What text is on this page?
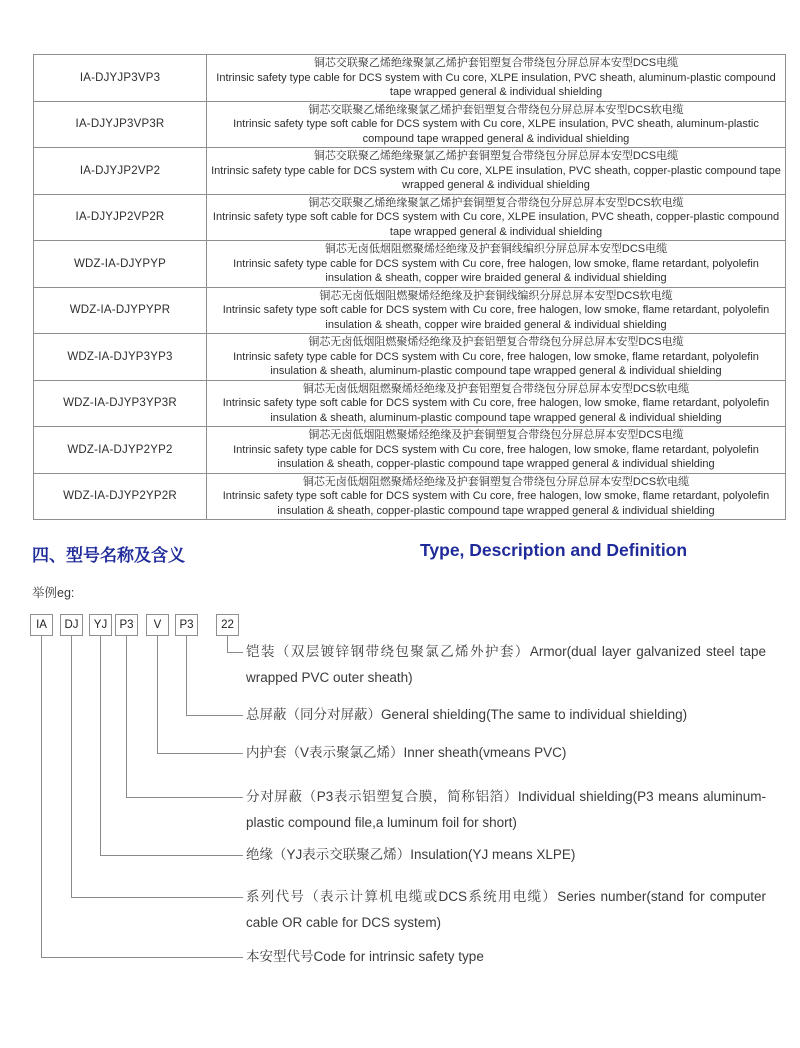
IA-DJYJP3VP3	铜芯交联聚乙烯绝缘聚氯乙烯护套铝塑复合带绕包分屏总屏本安型DCS电缆
Intrinsic safety type cable for DCS system with Cu core, XLPE insulation, PVC sheath, aluminum-plastic compound tape wrapped general & individual shielding

IA-DJYJP3VP3R	铜芯交联聚乙烯绝缘聚氯乙烯护套铝塑复合带绕包分屏总屏本安型DCS软电缆
Intrinsic safety type soft cable for DCS system with Cu core, XLPE insulation, PVC sheath, aluminum-plastic compound tape wrapped general & individual shielding

IA-DJYJP2VP2	铜芯交联聚乙烯绝缘聚氯乙烯护套铜塑复合带绕包分屏总屏本安型DCS电缆
Intrinsic safety type cable for DCS system with Cu core, XLPE insulation, PVC sheath, copper-plastic compound tape wrapped general & individual shielding

IA-DJYJP2VP2R	铜芯交联聚乙烯绝缘聚氯乙烯护套铜塑复合带绕包分屏总屏本安型DCS软电缆
Intrinsic safety type soft cable for DCS system with Cu core, XLPE insulation, PVC sheath, copper-plastic compound tape wrapped general & individual shielding

WDZ-IA-DJYPYP	铜芯无卤低烟阻燃聚烯烃绝缘及护套铜线编织分屏总屏本安型DCS电缆
Intrinsic safety type cable for DCS system with Cu core, free halogen, low smoke, flame retardant, polyolefin insulation & sheath, copper wire braided general & individual shielding

WDZ-IA-DJYPYPR	铜芯无卤低烟阻燃聚烯烃绝缘及护套铜线编织分屏总屏本安型DCS软电缆
Intrinsic safety type soft cable for DCS system with Cu core, free halogen, low smoke, flame retardant, polyolefin insulation & sheath, copper wire braided general & individual shielding

WDZ-IA-DJYP3YP3	铜芯无卤低烟阻燃聚烯烃绝缘及护套铝塑复合带绕包分屏总屏本安型DCS电缆
Intrinsic safety type cable for DCS system with Cu core, free halogen, low smoke, flame retardant, polyolefin insulation & sheath, aluminum-plastic compound tape wrapped general & individual shielding

WDZ-IA-DJYP3YP3R	铜芯无卤低烟阻燃聚烯烃绝缘及护套铝塑复合带绕包分屏总屏本安型DCS软电缆
Intrinsic safety type soft cable for DCS system with Cu core, free halogen, low smoke, flame retardant, polyolefin insulation & sheath, aluminum-plastic compound tape wrapped general & individual shielding

WDZ-IA-DJYP2YP2	铜芯无卤低烟阻燃聚烯烃绝缘及护套铜塑复合带绕包分屏总屏本安型DCS电缆
Intrinsic safety type cable for DCS system with Cu core, free halogen, low smoke, flame retardant, polyolefin insulation & sheath, copper-plastic compound tape wrapped general & individual shielding

WDZ-IA-DJYP2YP2R	铜芯无卤低烟阻燃聚烯烃绝缘及护套铜塑复合带绕包分屏总屏本安型DCS软电缆
Intrinsic safety type soft cable for DCS system with Cu core, free halogen, low smoke, flame retardant, polyolefin insulation & sheath, copper-plastic compound tape wrapped general & individual shielding
四、型号名称及含义	Type, Description and Definition
举例eg:
IA	DJ	YJ	P3	V	P3	22
铠装（双层镀锌钢带绕包聚氯乙烯外护套）Armor(dual layer galvanized steel tape wrapped PVC outer sheath)
总屏蔽（同分对屏蔽）General shielding(The same to individual shielding)
内护套（V表示聚氯乙烯）Inner sheath(vmeans PVC)
分对屏蔽（P3表示铝塑复合膜，简称铝箔）Individual shielding(P3 means aluminum-plastic compound file,a luminum foil for short)
绝缘（YJ表示交联聚乙烯）Insulation(YJ means XLPE)
系列代号（表示计算机电缆或DCS系统用电缆）Series number(stand for computer cable OR cable for DCS system)
本安型代号Code for intrinsic safety type
